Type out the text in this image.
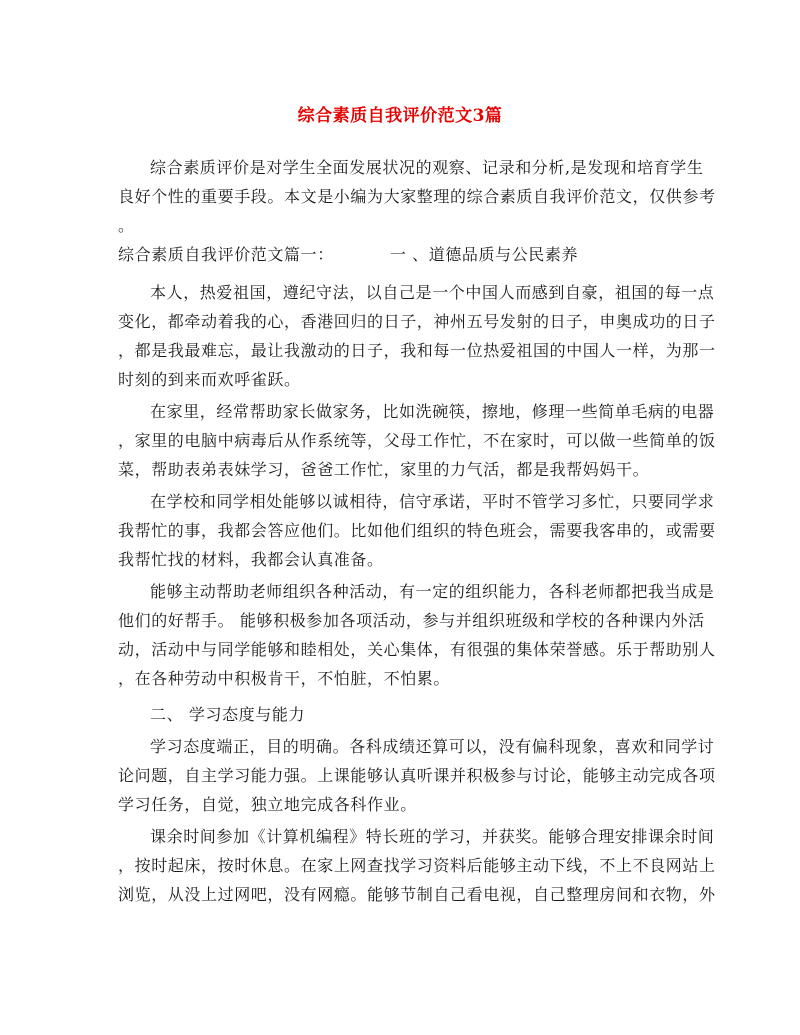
综合素质自我评价范文3篇
综合素质评价是对学生全面发展状况的观察、记录和分析,是发现和培育学生
良好个性的重要手段。本文是小编为大家整理的综合素质自我评价范文，仅供参考
。
综合素质自我评价范文篇一：	一 、道德品质与公民素养
本人，热爱祖国，遵纪守法，以自己是一个中国人而感到自豪，祖国的每一点
变化，都牵动着我的心，香港回归的日子，神州五号发射的日子，申奥成功的日子
，都是我最难忘，最让我激动的日子，我和每一位热爱祖国的中国人一样，为那一
时刻的到来而欢呼雀跃。
在家里，经常帮助家长做家务，比如洗碗筷，擦地，修理一些简单毛病的电器
，家里的电脑中病毒后从作系统等，父母工作忙，不在家时，可以做一些简单的饭
菜，帮助表弟表妹学习，爸爸工作忙，家里的力气活，都是我帮妈妈干。
在学校和同学相处能够以诚相待，信守承诺，平时不管学习多忙，只要同学求
我帮忙的事，我都会答应他们。比如他们组织的特色班会，需要我客串的，或需要
我帮忙找的材料，我都会认真准备。
能够主动帮助老师组织各种活动，有一定的组织能力，各科老师都把我当成是
他们的好帮手。 能够积极参加各项活动，参与并组织班级和学校的各种课内外活
动，活动中与同学能够和睦相处，关心集体，有很强的集体荣誉感。乐于帮助别人
，在各种劳动中积极肯干，不怕脏，不怕累。
二、 学习态度与能力
学习态度端正，目的明确。各科成绩还算可以，没有偏科现象，喜欢和同学讨
论问题，自主学习能力强。上课能够认真听课并积极参与讨论，能够主动完成各项
学习任务，自觉，独立地完成各科作业。
课余时间参加《计算机编程》特长班的学习，并获奖。能够合理安排课余时间
，按时起床，按时休息。在家上网查找学习资料后能够主动下线，不上不良网站上
浏览，从没上过网吧，没有网瘾。能够节制自己看电视，自己整理房间和衣物，外
